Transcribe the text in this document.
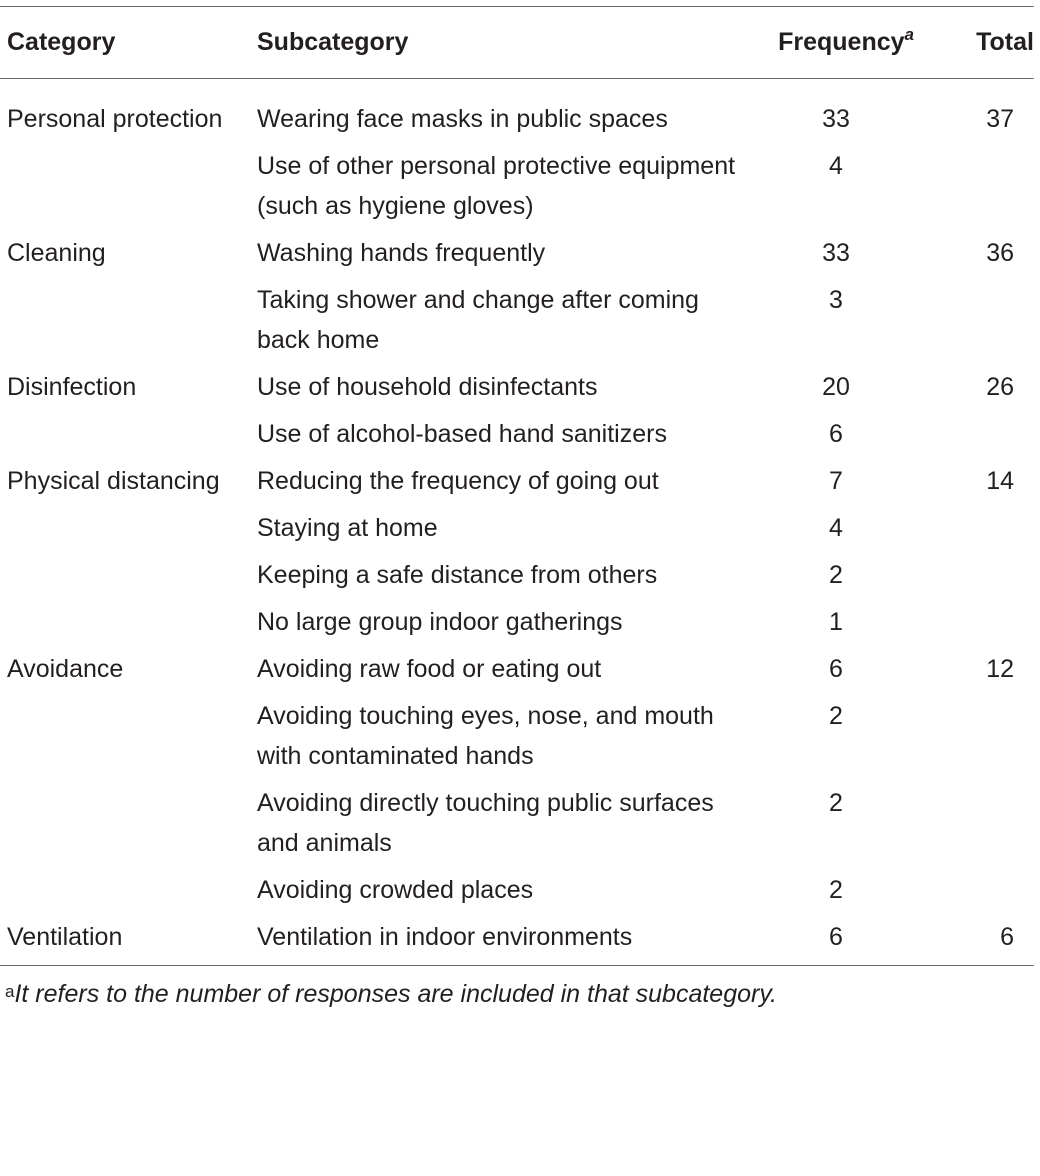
Category	Subcategory	Frequency$^a$	Total
Personal protection	Wearing face masks in public spaces	33	37
	Use of other personal protective equipment (such as hygiene gloves)	4	
Cleaning	Washing hands frequently	33	36
	Taking shower and change after coming back home	3	
Disinfection	Use of household disinfectants	20	26
	Use of alcohol-based hand sanitizers	6	
Physical distancing	Reducing the frequency of going out	7	14
	Staying at home	4	
	Keeping a safe distance from others	2	
	No large group indoor gatherings	1	
Avoidance	Avoiding raw food or eating out	6	12
	Avoiding touching eyes, nose, and mouth with contaminated hands	2	
	Avoiding directly touching public surfaces and animals	2	
	Avoiding crowded places	2	
Ventilation	Ventilation in indoor environments	6	6
$^a$It refers to the number of responses are included in that subcategory.
